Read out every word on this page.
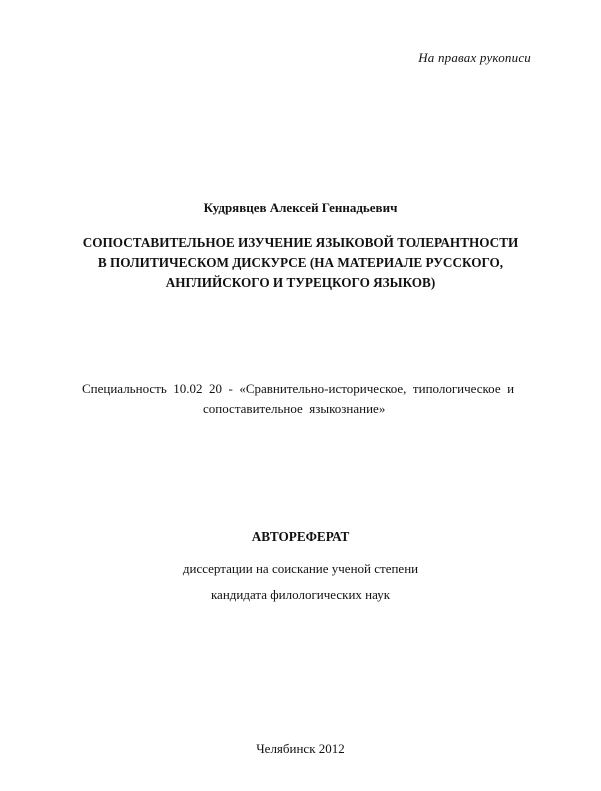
На правах рукописи
Кудрявцев Алексей Геннадьевич
СОПОСТАВИТЕЛЬНОЕ ИЗУЧЕНИЕ ЯЗЫКОВОЙ ТОЛЕРАНТНОСТИ
В ПОЛИТИЧЕСКОМ ДИСКУРСЕ (НА МАТЕРИАЛЕ РУССКОГО,
АНГЛИЙСКОГО И ТУРЕЦКОГО ЯЗЫКОВ)
Специальность  10.02  20  -  «Сравнительно-историческое,  типологическое  и
сопоставительное  языкознание»
АВТОРЕФЕРАТ
диссертации на соискание ученой степени
кандидата филологических наук
Челябинск 2012
